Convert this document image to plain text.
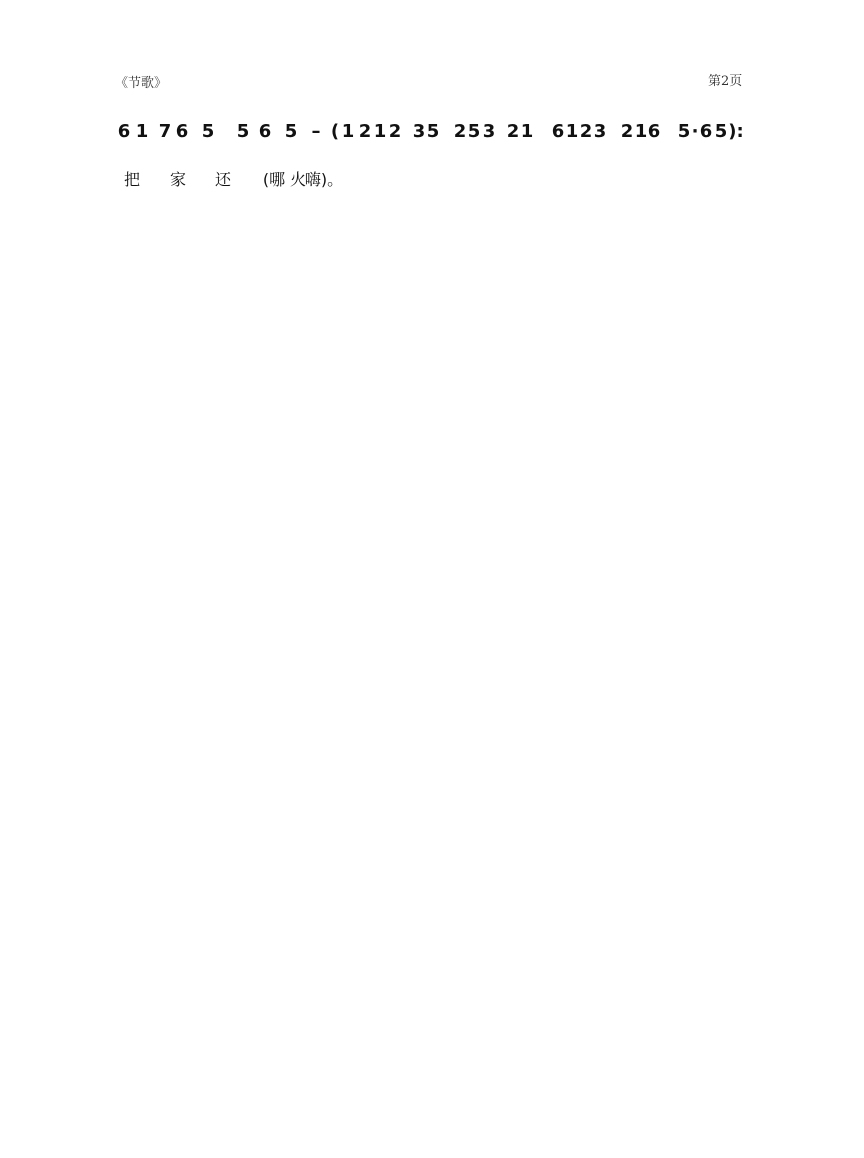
《节歌》	第2页
6 1 7 6 5 5 6 5 – 1 2 1 2 3 5 2 5 3 2 1 6 1 2 3 2 1 6 5 · 6 5
(	):
把 家 还 (哪 火
嗨)。
